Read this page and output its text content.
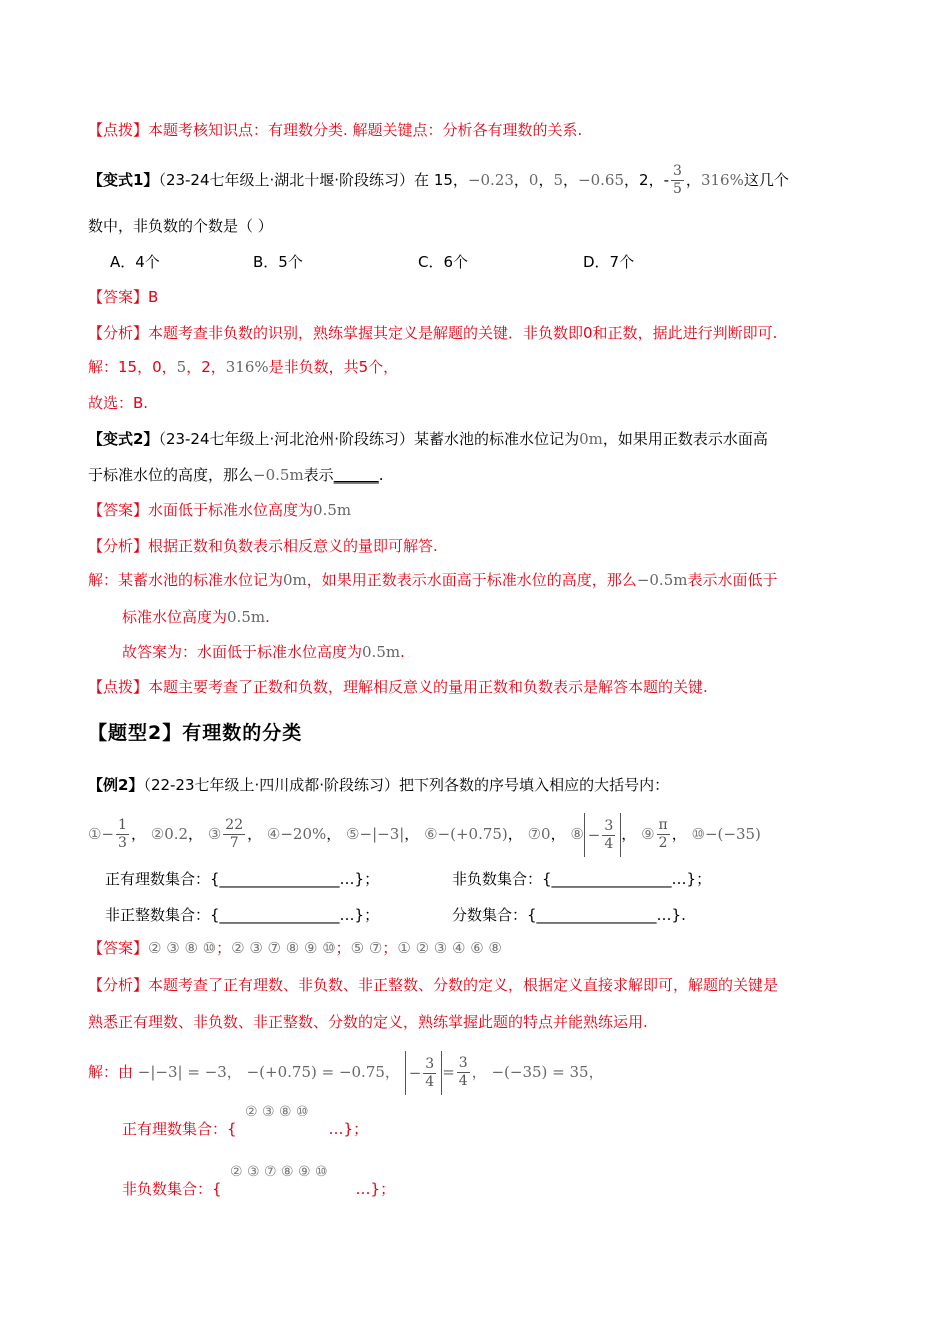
【点拨】本题考核知识点：有理数分类. 解题关键点：分析各有理数的关系.
【变式1】（23-24七年级上·湖北十堰·阶段练习）在 15，−0.23，0，5，−0.65，2，- $\frac{3}{5}$ ，316%这几个
数中，非负数的个数是（ ）
A．4个	B．5个	C．6个	D．7个
【答案】B
【分析】本题考查非负数的识别，熟练掌握其定义是解题的关键．非负数即0和正数，据此进行判断即可.
解：15，0，5，2，316%是非负数，共5个，
故选：B.
【变式2】（23-24七年级上·河北沧州·阶段练习）某蓄水池的标准水位记为0m，如果用正数表示水面高
于标准水位的高度，那么−0.5m表示______.
【答案】水面低于标准水位高度为0.5m
【分析】根据正数和负数表示相反意义的量即可解答.
解：某蓄水池的标准水位记为0m，如果用正数表示水面高于标准水位的高度，那么−0.5m表示水面低于
标准水位高度为0.5m.
故答案为：水面低于标准水位高度为0.5m.
【点拨】本题主要考查了正数和负数，理解相反意义的量用正数和负数表示是解答本题的关键.
【题型2】有理数的分类
【例2】（22-23七年级上·四川成都·阶段练习）把下列各数的序号填入相应的大括号内：
①− $\frac{1}{3}$ ， ②0.2， ③ $\frac{22}{7}$ ， ④−20%， ⑤−|−3|， ⑥−(+0.75)， ⑦0， ⑧ − $\frac{3}{4}$ ， ⑨ $\frac{\pi}{2}$ ， ⑩−(−35)
正有理数集合：{________________…}；	非负数集合：{________________…}；
非正整数集合：{________________…}；	分数集合：{________________…}.
【答案】② ③ ⑧ ⑩；② ③ ⑦ ⑧ ⑨ ⑩；⑤ ⑦；① ② ③ ④ ⑥ ⑧
【分析】本题考查了正有理数、非负数、非正整数、分数的定义，根据定义直接求解即可，解题的关键是
熟悉正有理数、非负数、非正整数、分数的定义，熟练掌握此题的特点并能熟练运用.
解：由 −|−3| = −3， −(+0.75) = −0.75， − $\frac{3}{4} = \frac{3}{4}$ ， −(−35) = 35，
② ③ ⑧ ⑩
正有理数集合：{	…}；
② ③ ⑦ ⑧ ⑨ ⑩
非负数集合：{	…}；
